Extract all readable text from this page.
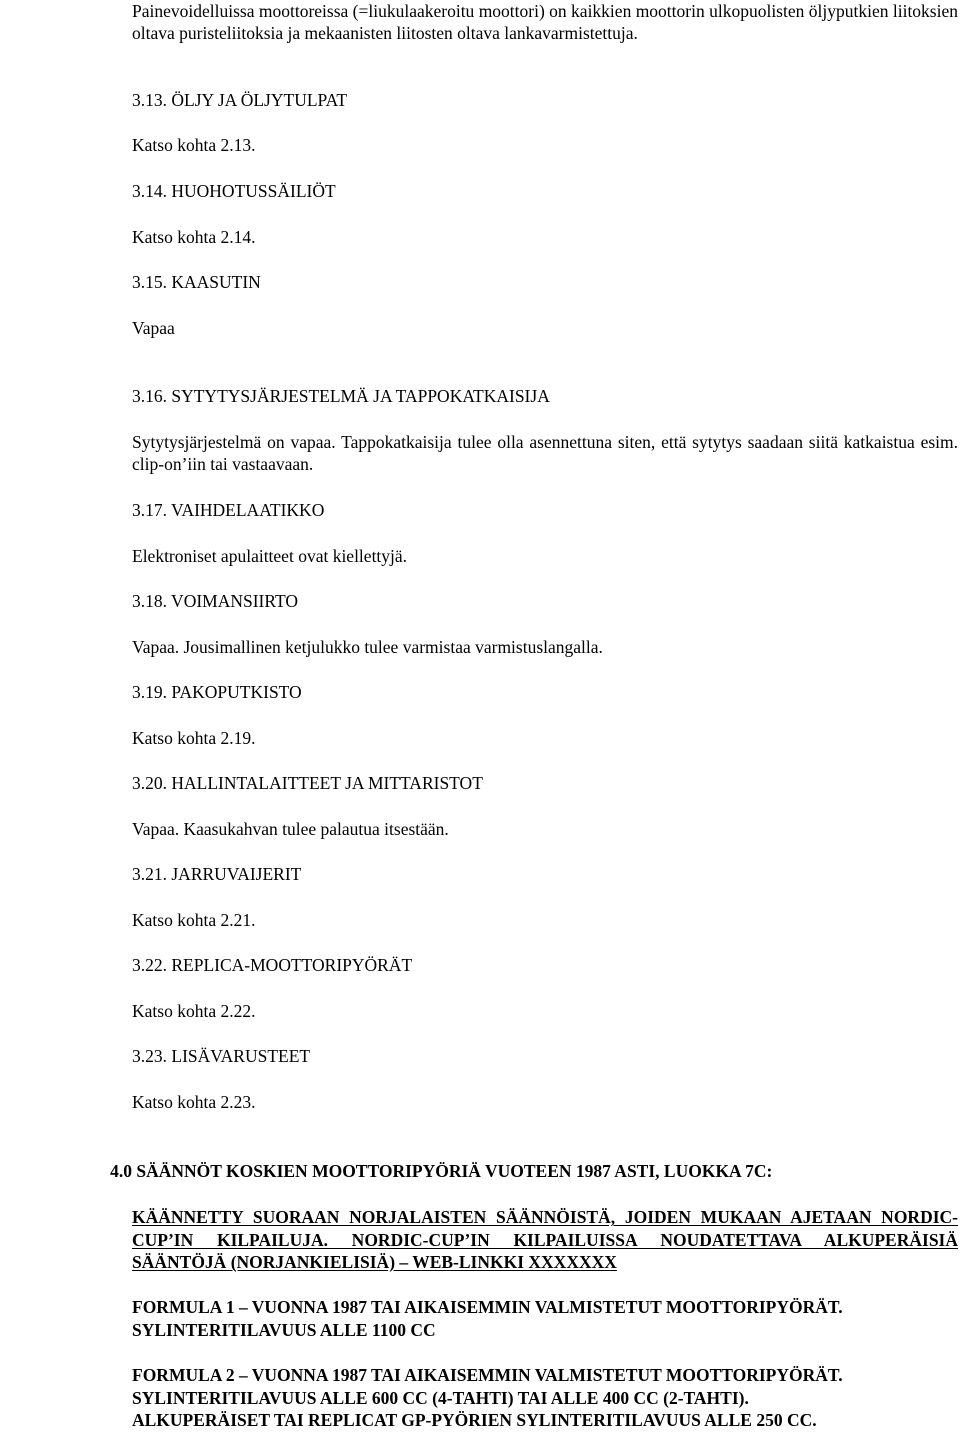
Painevoidelluissa moottoreissa (=liukulaakeroitu moottori) on kaikkien moottorin ulkopuolisten öljyputkien liitoksien oltava puristeliitoksia ja mekaanisten liitosten oltava lankavarmistettuja.

3.13. ÖLJY JA ÖLJYTULPAT

Katso kohta 2.13.

3.14. HUOHOTUSSÄILIÖT

Katso kohta 2.14.

3.15. KAASUTIN

Vapaa

3.16. SYTYTYSJÄRJESTELMÄ JA TAPPOKATKAISIJA

Sytytysjärjestelmä on vapaa. Tappokatkaisija tulee olla asennettuna siten, että sytytys saadaan siitä katkaistua esim. clip-on’iin tai vastaavaan.

3.17. VAIHDELAATIKKO

Elektroniset apulaitteet ovat kiellettyjä.

3.18. VOIMANSIIRTO

Vapaa. Jousimallinen ketjulukko tulee varmistaa varmistuslangalla.

3.19. PAKOPUTKISTO

Katso kohta 2.19.

3.20. HALLINTALAITTEET JA MITTARISTOT

Vapaa. Kaasukahvan tulee palautua itsestään.

3.21. JARRUVAIJERIT

Katso kohta 2.21.

3.22. REPLICA-MOOTTORIPYÖRÄT

Katso kohta 2.22.

3.23. LISÄVARUSTEET

Katso kohta 2.23.

4.0 SÄÄNNÖT KOSKIEN MOOTTORIPYÖRIÄ VUOTEEN 1987 ASTI, LUOKKA 7C:

KÄÄNNETTY SUORAAN NORJALAISTEN SÄÄNNÖISTÄ, JOIDEN MUKAAN AJETAAN NORDIC-CUP’IN KILPAILUJA. NORDIC-CUP’IN KILPAILUISSA NOUDATETTAVA ALKUPERÄISIÄ SÄÄNTÖJÄ (NORJANKIELISIÄ) – WEB-LINKKI XXXXXXX

FORMULA 1 – VUONNA 1987 TAI AIKAISEMMIN VALMISTETUT MOOTTORIPYÖRÄT.

SYLINTERITILAVUUS ALLE 1100 CC

FORMULA 2 – VUONNA 1987 TAI AIKAISEMMIN VALMISTETUT MOOTTORIPYÖRÄT.

SYLINTERITILAVUUS ALLE 600 CC (4-TAHTI) TAI ALLE 400 CC (2-TAHTI).

ALKUPERÄISET TAI REPLICAT GP-PYÖRIEN SYLINTERITILAVUUS ALLE 250 CC.
